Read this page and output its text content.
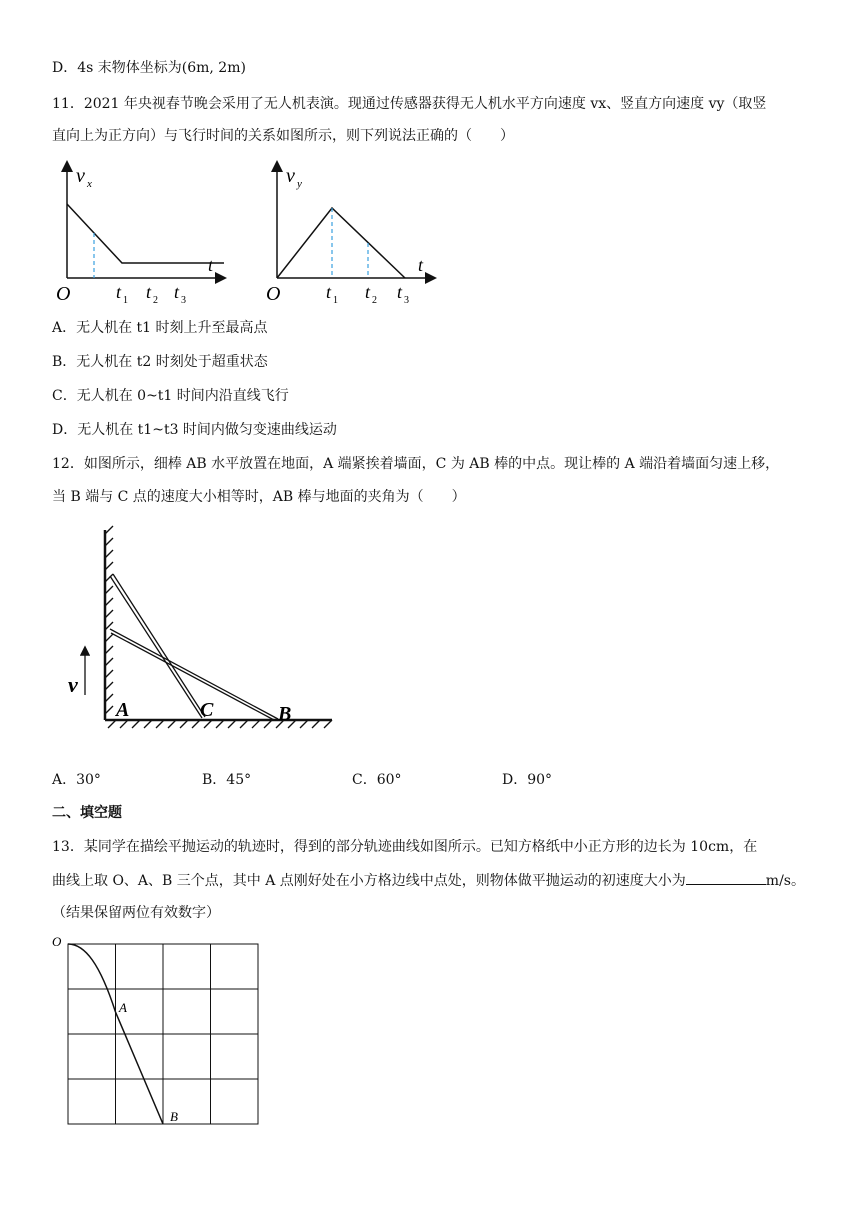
D．4s 末物体坐标为(6m, 2m)
11．2021 年央视春节晚会采用了无人机表演。现通过传感器获得无人机水平方向速度 vx、竖直方向速度 vy（取竖
直向上为正方向）与飞行时间的关系如图所示，则下列说法正确的（　　）
v x
t
O	t 1 t 2 t 3
v y
t
O	t 1 t 2 t 3
A．无人机在 t1 时刻上升至最高点
B．无人机在 t2 时刻处于超重状态
C．无人机在 0~t1 时间内沿直线飞行
D．无人机在 t1~t3 时间内做匀变速曲线运动
12．如图所示，细棒 AB 水平放置在地面，A 端紧挨着墙面，C 为 AB 棒的中点。现让棒的 A 端沿着墙面匀速上移，
当 B 端与 C 点的速度大小相等时，AB 棒与地面的夹角为（　　）
v
A	C	B
A．30°	B．45°	C．60°	D．90°
二、填空题
13．某同学在描绘平抛运动的轨迹时，得到的部分轨迹曲线如图所示。已知方格纸中小正方形的边长为 10cm，在
曲线上取 O、A、B 三个点，其中 A 点刚好处在小方格边线中点处，则物体做平抛运动的初速度大小为	m/s。
（结果保留两位有效数字）
O
A
B
